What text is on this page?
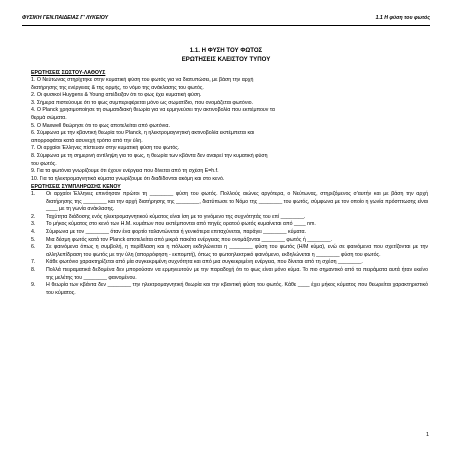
ΦΥΣΙΚΗ ΓΕΝ.ΠΑΙΔΕΙΑΣ Γ' ΛΥΚΕΙΟΥ	1.1 Η φύση του φωτός
1.1. Η ΦΥΣΗ ΤΟΥ ΦΩΤΟΣ
ΕΡΩΤΗΣΕΙΣ ΚΛΕΙΣΤΟΥ ΤΥΠΟΥ
ΕΡΩΤΗΣΕΙΣ ΣΩΣΤΟΥ-ΛΑΘΟΥΣ
1. Ο Νεύτωνας στηρίχτηκε στην κυματική φύση του φωτός για να διατυπώσει, με βάση την αρχή
διατήρησης της ενέργειας & της ορμής, το νόμο της ανάκλασης του φωτός.
2. Οι φυσικοί Huygens & Young απέδειξαν ότι το φως έχει κυματική φύση.
3. Σήμερα πιστεύουμε ότι το φως συμπεριφέρεται μόνο ως σωματίδιο, που ονομάζεται φωτόνιο.
4. Ο Planck χρησιμοποίησε τη σωματιδιακή θεωρία για να ερμηνεύσει την ακτινοβολία που εκπέμπουν τα
θερμά σώματα.
5. Ο Maxwell θεώρησε ότι το φως αποτελείται από φωτόνια.
6. Σύμφωνα με την κβαντική θεωρία του Planck, η ηλεκτρομαγνητική ακτινοβολία εκπέμπεται και
απορροφάται κατά ασυνεχή τρόπο από την ύλη.
7. Οι αρχαίοι Έλληνες πίστευαν στην κυματική φύση του φωτός.
8. Σύμφωνα με τη σημερινή αντίληψη για το φως, η θεωρία των κβάντα δεν αναιρεί την κυματική φύση
του φωτός.
9. Για τα φωτόνια γνωρίζουμε ότι έχουν ενέργεια που δίνεται από τη σχέση E=h.f.
10. Για τα ηλεκτρομαγνητικά κύματα γνωρίζουμε ότι διαδίδονται ακόμη και στο κενό.
ΕΡΩΤΗΣΕΙΣ ΣΥΜΠΛΗΡΩΣΗΣ ΚΕΝΟΥ
1. Οι αρχαίοι Έλληνες επινόησαν πρώτοι τη ________ φύση του φωτός. Πολλούς αιώνες αργότερα, ο Νεύτωνας, στηριζόμενος σ'αυτήν και με βάση την αρχή διατήρησης της ________ και την αρχή διατήρησης της ________, διατύπωσε το Νόμο της ________ του φωτός, σύμφωνα με τον οποίο η γωνία πρόσπτωσης είναι ____ με τη γωνία ανάκλασης.
2. Ταχύτητα διάδοσης ενός ηλεκτρομαγνητικού κύματος είναι ίση με το γινόμενο της συχνότητάς του επί ________.
3. Το μήκος κύματος στο κενό των Η.Μ. κυμάτων που εκπέμπονται από πηγές ορατού φωτός κυμαίνεται από ____ nm.
4. Σύμφωνα με τον ________ όταν ένα φορτίο ταλαντώνεται ή γενικότερα επιταχύνεται, παράγει ________ κύματα.
5. Μια δέσμη φωτός κατά τον Planck αποτελείται από μικρά πακέτα ενέργειας που ονομάζονται ________ φωτός ή ________.
6. Σε φαινόμενα όπως η συμβολή, η περίθλαση και η πόλωση εκδηλώνεται η ________ φύση του φωτός (Η/Μ κύμα), ενώ σε φαινόμενα που σχετίζονται με την αλληλεπίδραση του φωτός με την ύλη (απορρόφηση - εκπομπή), όπως το φωτοηλεκτρικό φαινόμενο, εκδηλώνεται η ________ φύση του φωτός.
7. Κάθε φωτόνιο χαρακτηρίζεται από μία συγκεκριμένη συχνότητα και από μια συγκεκριμένη ενέργεια, που δίνεται από τη σχέση ________.
8. Πολλά πειραματικά δεδομένα δεν μπορούσαν να ερμηνευτούν με την παραδοχή ότι το φως είναι μόνο κύμα. Το πιο σημαντικό από τα πειράματα αυτά ήταν εκείνο της μελέτης του ________ φαινομένου.
9. Η θεωρία των κβάντα δεν ________ την ηλεκτρομαγνητική θεωρία και την κβαντική φύση του φωτός. Κάθε ____ έχει μήκος κύματος που θεωρείται χαρακτηριστικό του κύματος.
1
